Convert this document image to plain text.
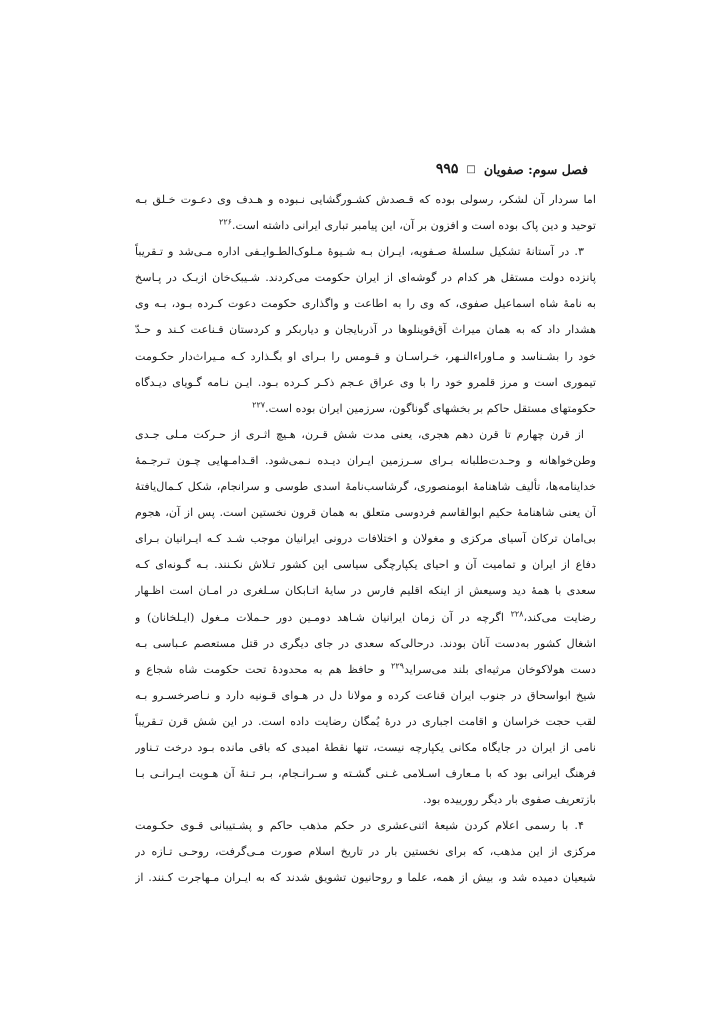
فصل سوم: صفویان
□
۹۹۵
اما سردار آن لشکر، رسولی بوده که قـصدش کشـورگشایی نـبوده و هـدف وی دعـوت خـلق بـه
توحید و دین پاک بوده است و افزون بر آن، این پیامبر تباری ایرانی داشته است.$^{۲۲۶}$
۳. در آستانهٔ تشکیل سلسلهٔ صـفویه، ایـران بـه شـیوهٔ مـلوک‌الطـوایـفی اداره مـی‌شد و تـقریباً
پانزده دولت مستقل هر کدام در گوشه‌ای از ایران حکومت می‌کردند. شـیبک‌خان ازبـک در پـاسخ
به نامهٔ شاه اسماعیل صفوی، که وی را به اطاعت و واگذاری حکومت دعوت کـرده بـود، بـه وی
هشدار داد که به همان میراث آق‌قوینلوها در آذربایجان و دیاربکر و کردستان قـناعت کـند و حـدّ
خود را بشـناسد و مـاوراءالنـهر، خـراسـان و قـومس را بـرای او بگـذارد کـه مـیراث‌دار حکـومت
تیموری است و مرز قلمرو خود را با وی عراق عـجم ذکـر کـرده بـود. ایـن نـامه گـویای دیـدگاه
حکومتهای مستقل حاکم بر بخشهای گوناگون، سرزمین ایران بوده است.$^{۲۲۷}$
از قرن چهارم تا قرن دهم هجری، یعنی مدت شش قـرن، هـیچ اثـری از حـرکت مـلی جـدی
وطن‌خواهانه و وحـدت‌طلبانه بـرای سـرزمین ایـران دیـده نـمی‌شود. اقـدامـهایی چـون تـرجـمهٔ
خداینامه‌ها، تألیف شاهنامهٔ ابومنصوری، گرشاسب‌نامهٔ اسدی طوسی و سرانجام، شکل کـمال‌یافتهٔ
آن یعنی شاهنامهٔ حکیم ابوالقاسم فردوسی متعلق به همان قرون نخستین است. پس از آن، هجوم
بی‌امان ترکان آسیای مرکزی و مغولان و اختلافات درونی ایرانیان موجب شـد کـه ایـرانیان بـرای
دفاع از ایران و تمامیت آن و احیای یکپارچگی سیاسی این کشور تـلاش نکـنند. بـه گـونه‌ای کـه
سعدی با همهٔ دید وسیعش از اینکه اقلیم فارس در سایهٔ اتـابکان سـلغری در امـان است اظـهار
رضایت می‌کند،$^{۲۲۸}$ اگرچه در آن زمان ایرانیان شـاهد دومـین دور حـملات مـغول (ایـلخانان) و
اشغال کشور به‌دست آنان بودند. درحالی‌که سعدی در جای دیگری در قتل مستعصم عـباسی بـه
دست هولاکوخان مرثیه‌ای بلند می‌سراید$^{۲۲۹}$ و حافظ هم به محدودهٔ تحت حکومت شاه شجاع و
شیخ ابواسحاق در جنوب ایران قناعت کرده و مولانا دل در هـوای قـونیه دارد و نـاصرخسـرو بـه
لقب حجت خراسان و اقامت اجباری در درهٔ یُمگان رضایت داده است. در این شش قرن تـقریباً
نامی از ایران در جایگاه مکانی یکپارچه نیست، تنها نقطهٔ امیدی که باقی مانده بـود درخت تـناور
فرهنگ ایرانی بود که با مـعارف اسـلامی غـنی گشـته و سـرانـجام، بـر تـنهٔ آن هـویت ایـرانـی بـا
بازتعریف صفوی بار دیگر رورییده بود.
۴. با رسمی اعلام کردن شیعهٔ اثنی‌عشری در حکم مذهب حاکم و پشـتیبانی قـوی حکـومت
مرکزی از این مذهب، که برای نخستین بار در تاریخ اسلام صورت مـی‌گرفت، روحـی تـازه در
شیعیان دمیده شد و، بیش از همه، علما و روحانیون تشویق شدند که به ایـران مـهاجرت کـنند. از
